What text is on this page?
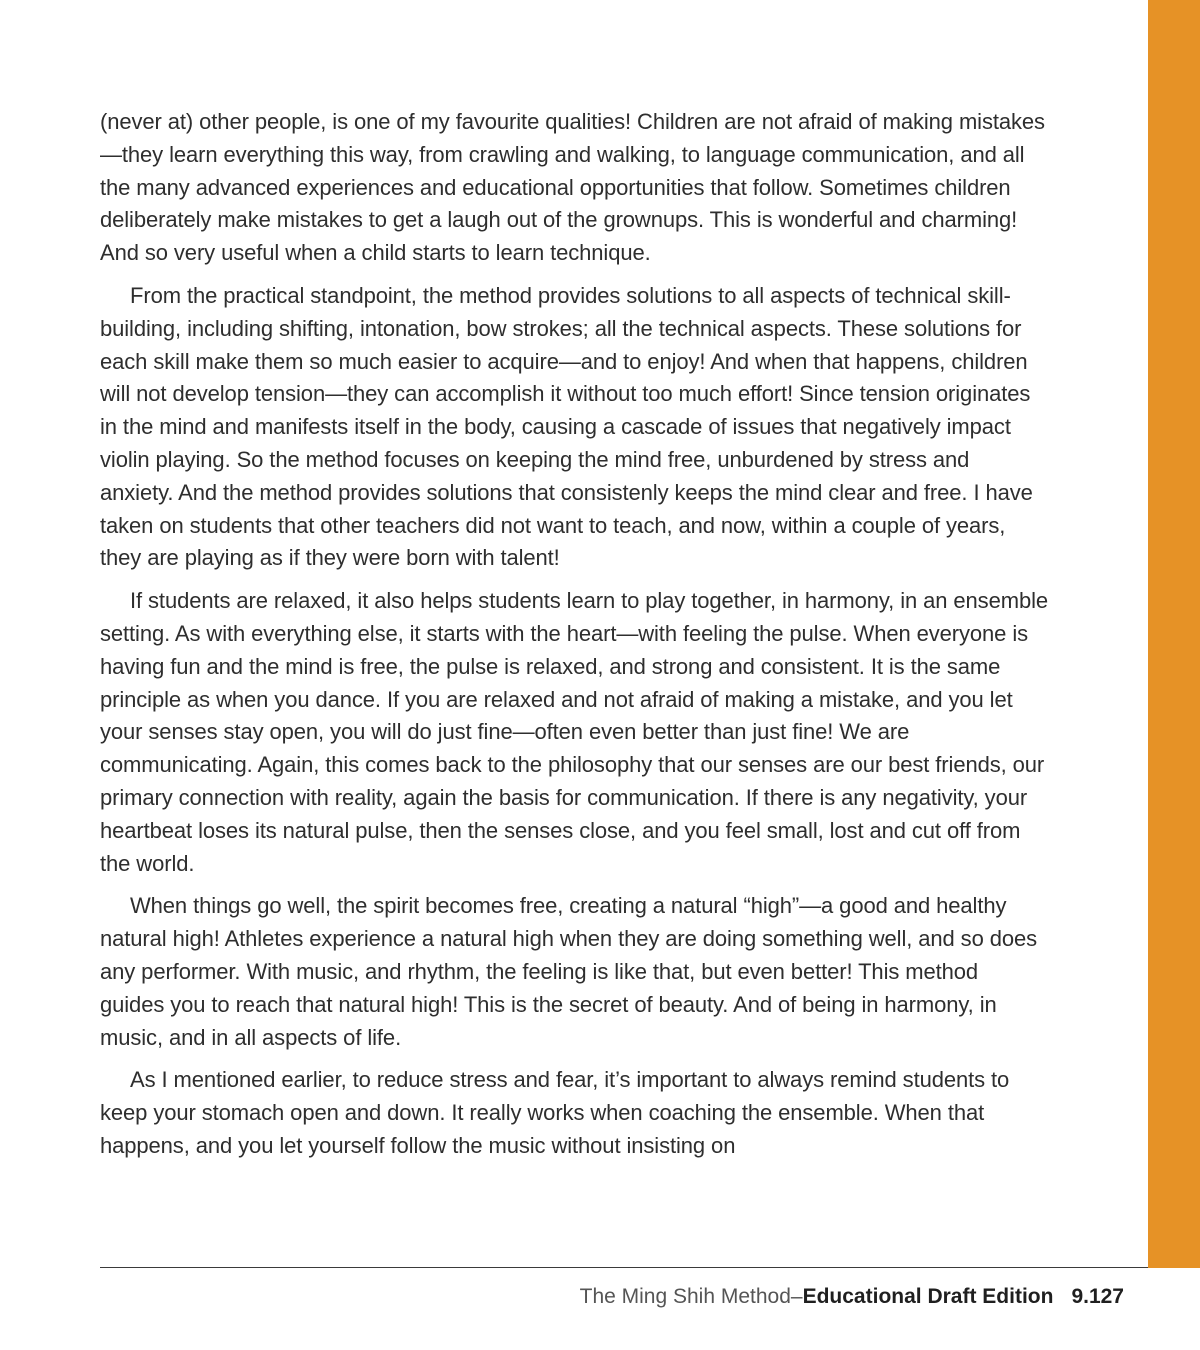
(never at) other people, is one of my favourite qualities! Children are not afraid of making mistakes—they learn everything this way, from crawling and walking, to language communication, and all the many advanced experiences and educational opportunities that follow. Sometimes children deliberately make mistakes to get a laugh out of the grownups. This is wonderful and charming! And so very useful when a child starts to learn technique.

From the practical standpoint, the method provides solutions to all aspects of technical skill-building, including shifting, intonation, bow strokes; all the technical aspects. These solutions for each skill make them so much easier to acquire—and to enjoy! And when that happens, children will not develop tension—they can accomplish it without too much effort! Since tension originates in the mind and manifests itself in the body, causing a cascade of issues that negatively impact violin playing. So the method focuses on keeping the mind free, unburdened by stress and anxiety. And the method provides solutions that consistenly keeps the mind clear and free. I have taken on students that other teachers did not want to teach, and now, within a couple of years, they are playing as if they were born with talent!

If students are relaxed, it also helps students learn to play together, in harmony, in an ensemble setting. As with everything else, it starts with the heart—with feeling the pulse. When everyone is having fun and the mind is free, the pulse is relaxed, and strong and consistent. It is the same principle as when you dance. If you are relaxed and not afraid of making a mistake, and you let your senses stay open, you will do just fine—often even better than just fine! We are communicating. Again, this comes back to the philosophy that our senses are our best friends, our primary connection with reality, again the basis for communication. If there is any negativity, your heartbeat loses its natural pulse, then the senses close, and you feel small, lost and cut off from the world.

When things go well, the spirit becomes free, creating a natural “high”—a good and healthy natural high! Athletes experience a natural high when they are doing something well, and so does any performer. With music, and rhythm, the feeling is like that, but even better! This method guides you to reach that natural high! This is the secret of beauty. And of being in harmony, in music, and in all aspects of life.

As I mentioned earlier, to reduce stress and fear, it’s important to always remind students to keep your stomach open and down. It really works when coaching the ensemble. When that happens, and you let yourself follow the music without insisting on

The Ming Shih Method–Educational Draft Edition 9.127
